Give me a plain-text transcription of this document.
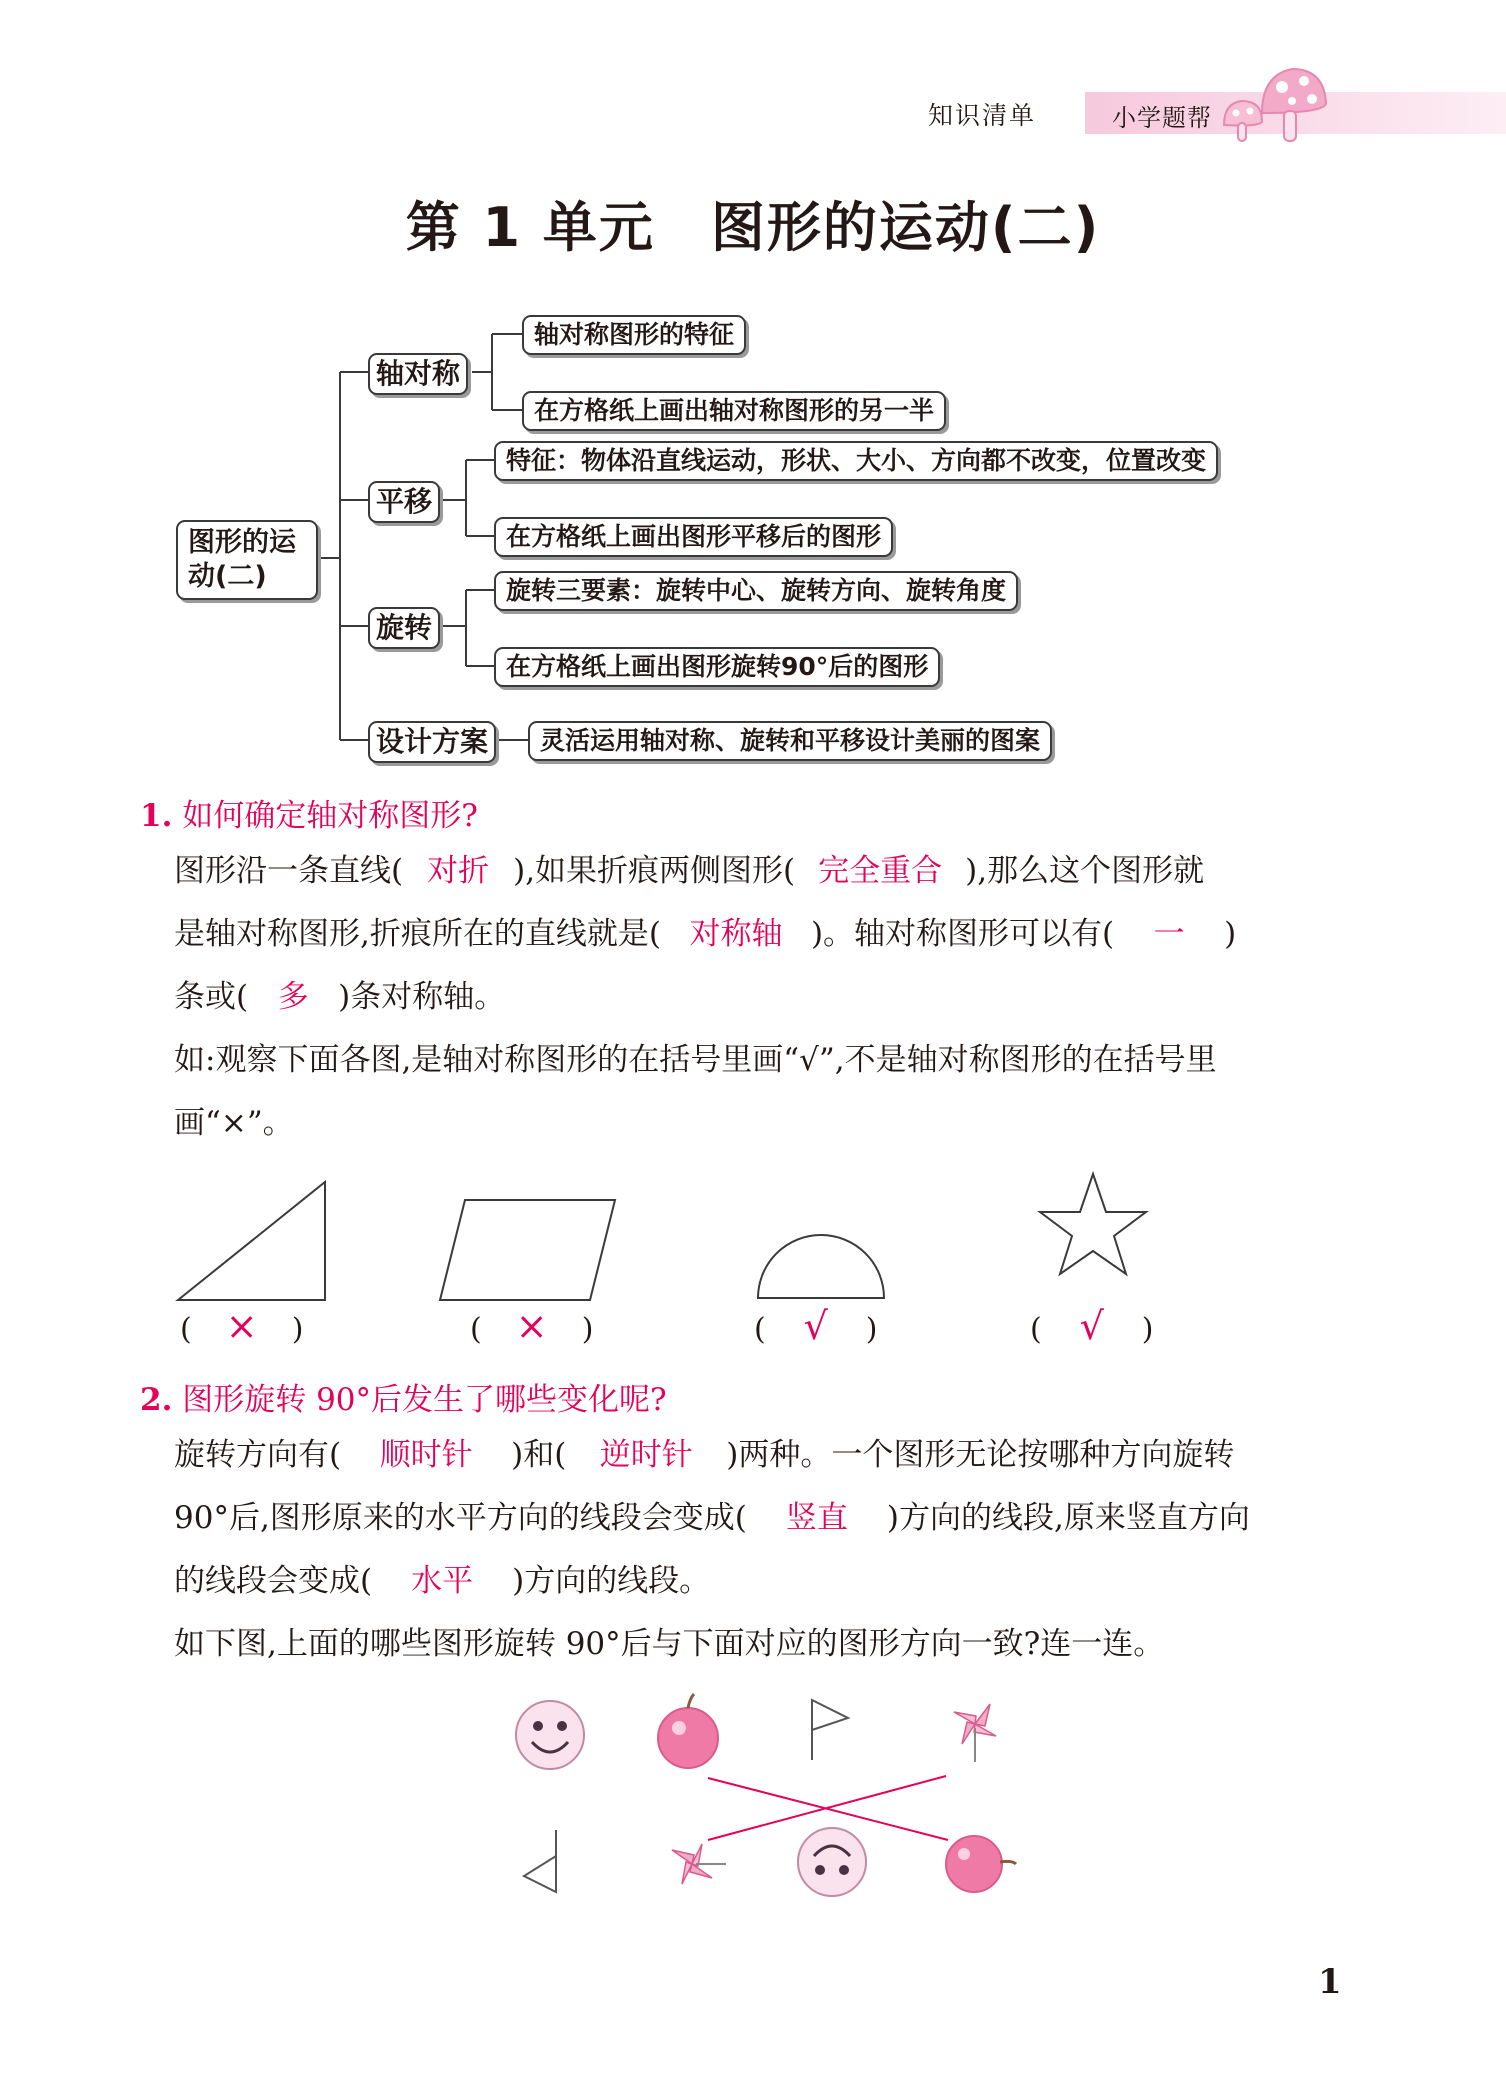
知识清单	小学题帮
第 1 单元　图形的运动(二)
图形的运动(二)
轴对称
轴对称图形的特征
在方格纸上画出轴对称图形的另一半
平移
特征：物体沿直线运动，形状、大小、方向都不改变，位置改变
在方格纸上画出图形平移后的图形
旋转
旋转三要素：旋转中心、旋转方向、旋转角度
在方格纸上画出图形旋转90°后的图形
设计方案	灵活运用轴对称、旋转和平移设计美丽的图案
1. 如何确定轴对称图形?
图形沿一条直线( 对折 ),如果折痕两侧图形( 完全重合 ),那么这个图形就
是轴对称图形,折痕所在的直线就是( 对称轴 )。轴对称图形可以有( 一 )
条或( 多 )条对称轴。
如:观察下面各图,是轴对称图形的在括号里画“√”,不是轴对称图形的在括号里
画“×”。
( × )	( × )	( √ )	( √ )
2. 图形旋转 90°后发生了哪些变化呢?
旋转方向有( 顺时针 )和( 逆时针 )两种。一个图形无论按哪种方向旋转
90°后,图形原来的水平方向的线段会变成( 竖直 )方向的线段,原来竖直方向
的线段会变成( 水平 )方向的线段。
如下图,上面的哪些图形旋转 90°后与下面对应的图形方向一致?连一连。
1
